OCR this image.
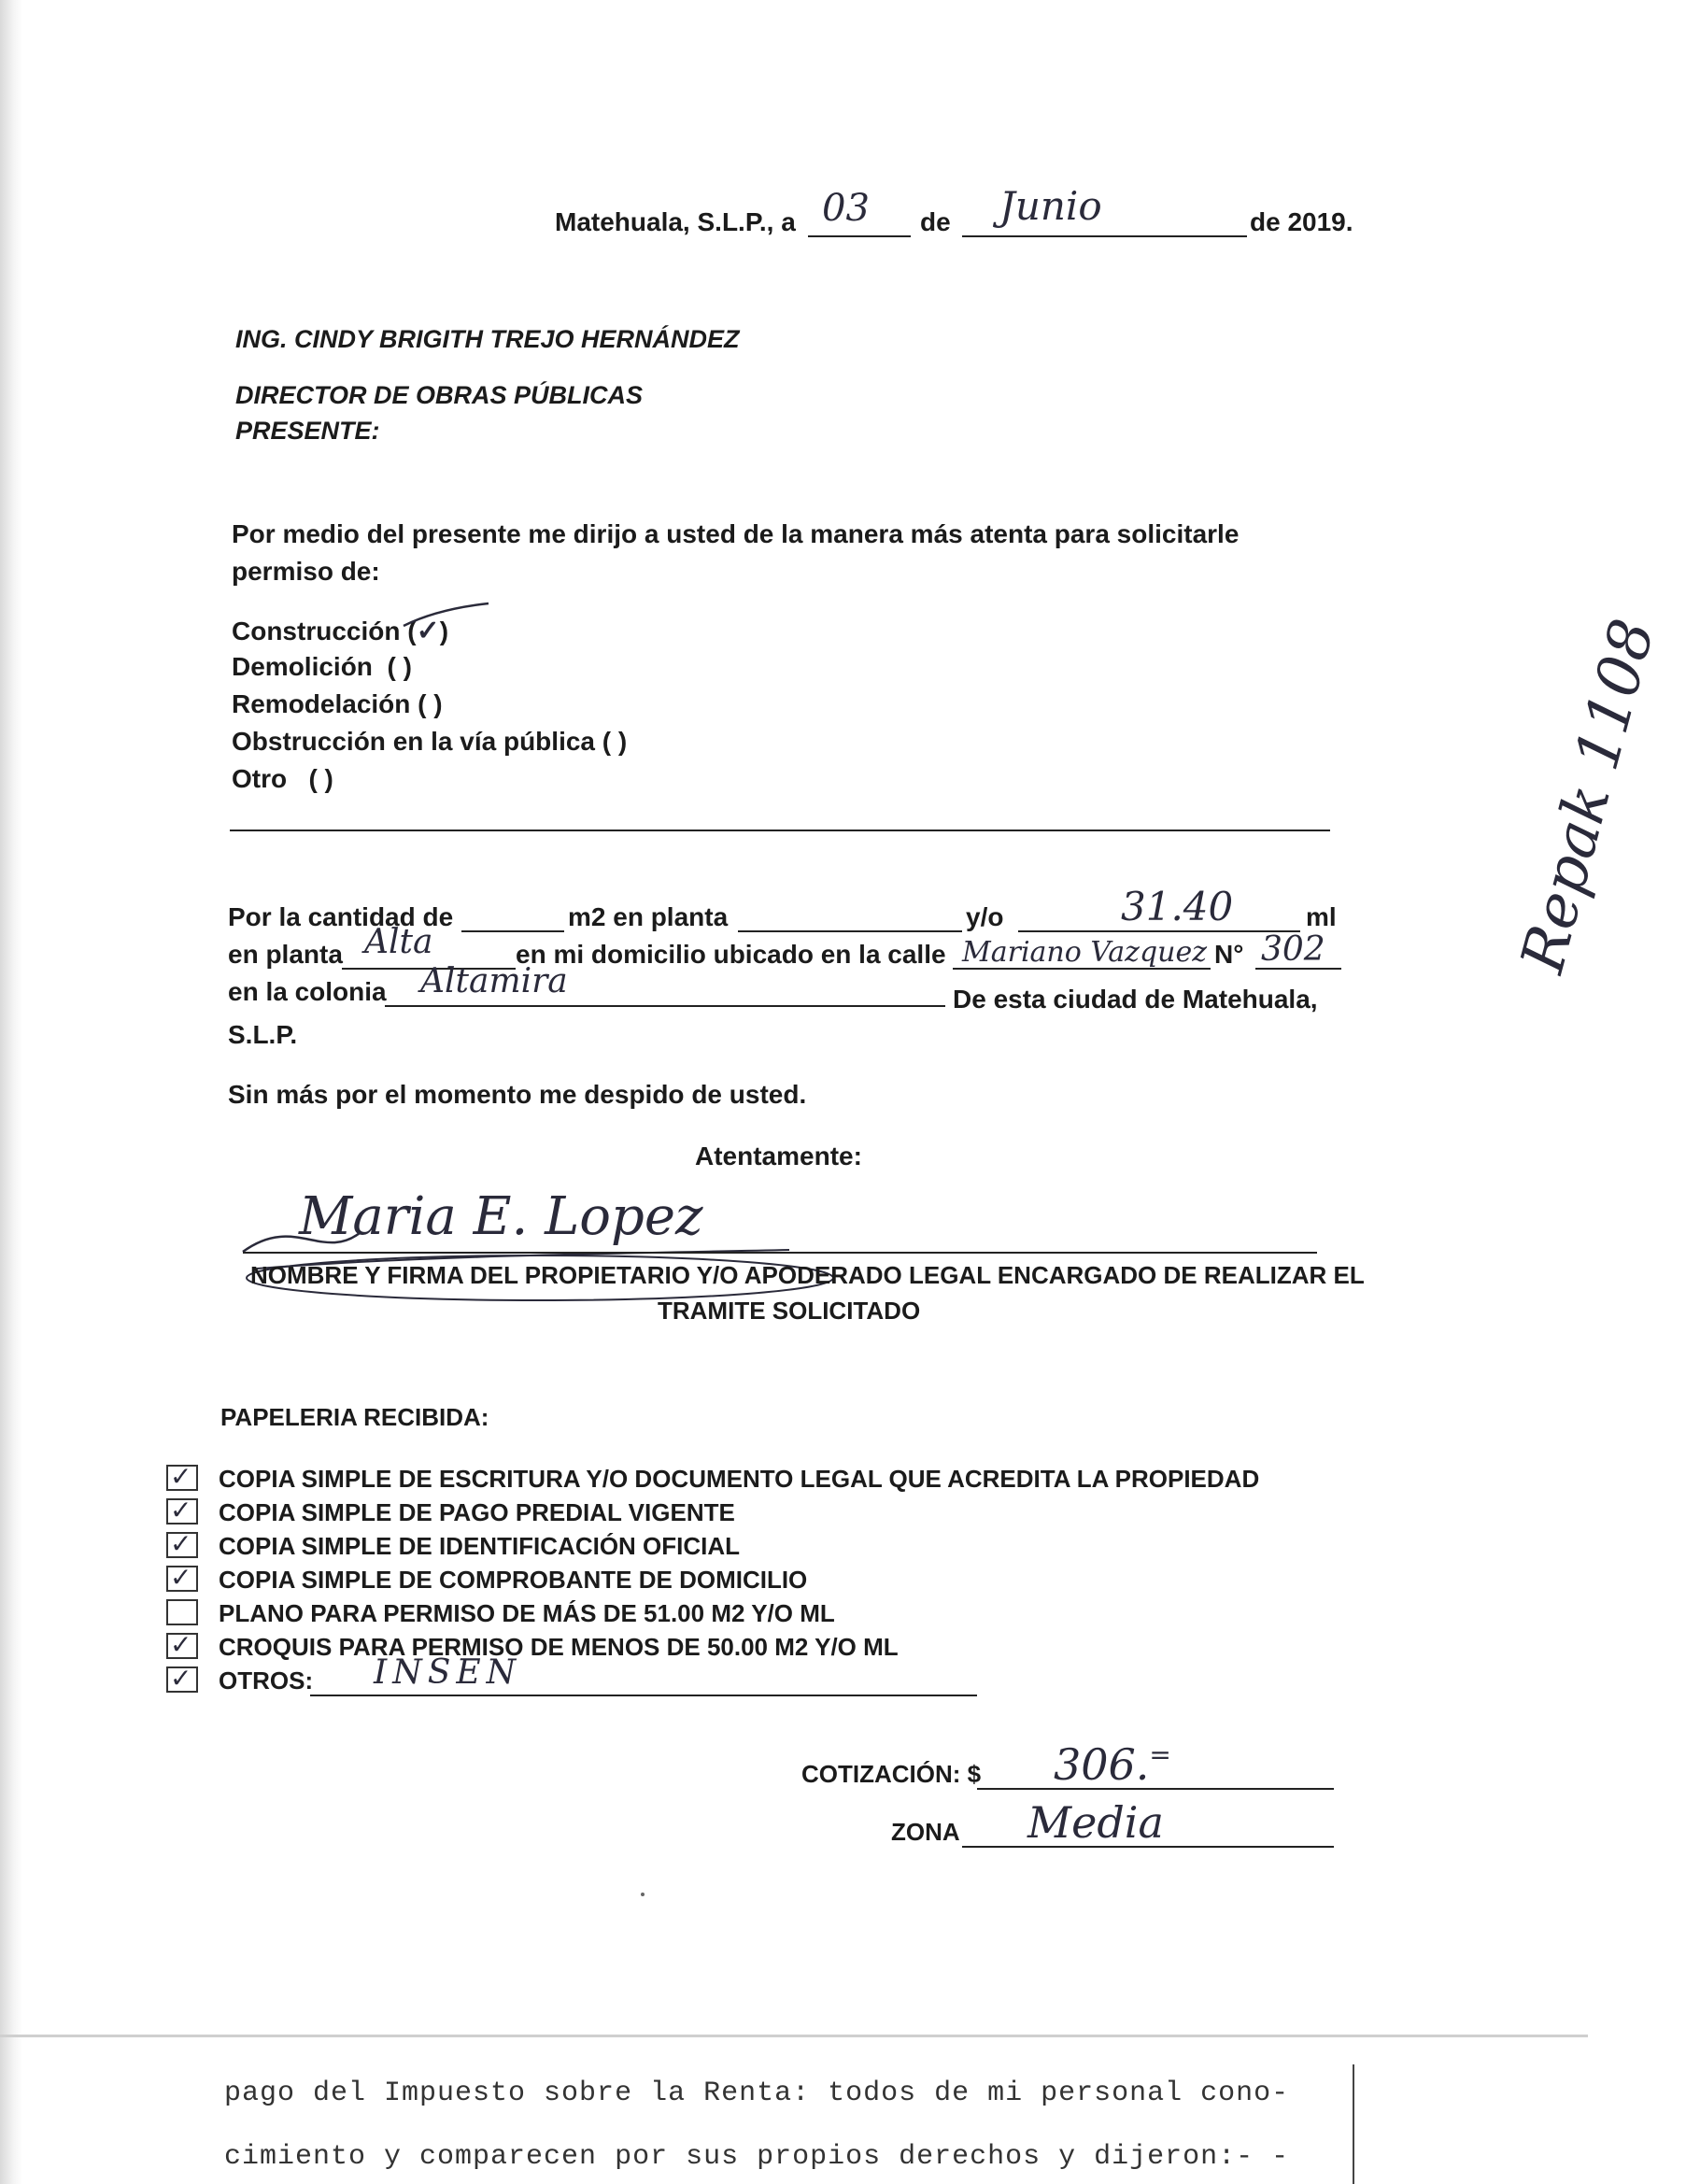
Matehuala, S.L.P., a 03 de Junio	de 2019.
ING. CINDY BRIGITH TREJO HERNÁNDEZ
DIRECTOR DE OBRAS PÚBLICAS
PRESENTE:
Por medio del presente me dirijo a usted de la manera más atenta para solicitarle
permiso de:
Construcción (✓)
Demolición ( )
Remodelación ( )
Obstrucción en la vía pública ( )
Otro ( )
Por la cantidad de	m2 en planta	y/o	31.40	ml
en planta Alta	en mi domicilio ubicado en la calle Mariano Vazquez N° 302
en la colonia Altamira	De esta ciudad de Matehuala,
S.L.P.
Sin más por el momento me despido de usted.
Atentamente:
Maria E. Lopez
NOMBRE Y FIRMA DEL PROPIETARIO Y/O APODERADO LEGAL ENCARGADO DE REALIZAR EL
TRAMITE SOLICITADO
PAPELERIA RECIBIDA:
✓ COPIA SIMPLE DE ESCRITURA Y/O DOCUMENTO LEGAL QUE ACREDITA LA PROPIEDAD
✓ COPIA SIMPLE DE PAGO PREDIAL VIGENTE
✓ COPIA SIMPLE DE IDENTIFICACIÓN OFICIAL
✓ COPIA SIMPLE DE COMPROBANTE DE DOMICILIO
PLANO PARA PERMISO DE MÁS DE 51.00 M2 Y/O ML
✓ CROQUIS PARA PERMISO DE MENOS DE 50.00 M2 Y/O ML
✓ OTROS: INSEN
COTIZACIÓN: $ 306.=
ZONA Media
Repak 1108
pago del Impuesto sobre la Renta: todos de mi personal cono-
cimiento y comparecen por sus propios derechos y dijeron:- -
